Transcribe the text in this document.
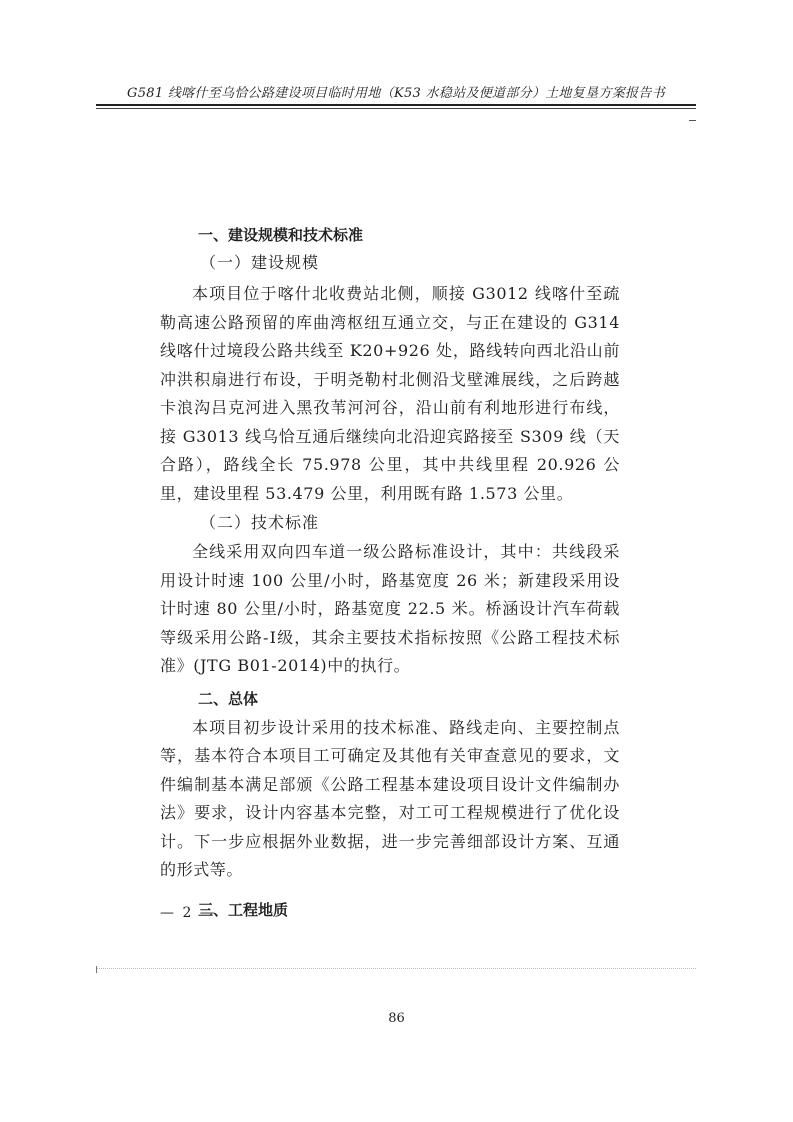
G581 线喀什至乌恰公路建设项目临时用地（K53 水稳站及便道部分）土地复垦方案报告书
一、建设规模和技术标准
（一）建设规模

本项目位于喀什北收费站北侧，顺接 G3012 线喀什至疏勒高速公路预留的库曲湾枢纽互通立交，与正在建设的 G314 线喀什过境段公路共线至 K20+926 处，路线转向西北沿山前冲洪积扇进行布设，于明尧勒村北侧沿戈壁滩展线，之后跨越卡浪沟吕克河进入黑孜苇河河谷，沿山前有利地形进行布线，接 G3013 线乌恰互通后继续向北沿迎宾路接至 S309 线（天合路），路线全长 75.978 公里，其中共线里程 20.926 公里，建设里程 53.479 公里，利用既有路 1.573 公里。

（二）技术标准

全线采用双向四车道一级公路标准设计，其中：共线段采用设计时速 100 公里/小时，路基宽度 26 米；新建段采用设计时速 80 公里/小时，路基宽度 22.5 米。桥涵设计汽车荷载等级采用公路-Ⅰ级，其余主要技术指标按照《公路工程技术标准》(JTG B01-2014)中的执行。

二、总体

本项目初步设计采用的技术标准、路线走向、主要控制点等，基本符合本项目工可确定及其他有关审查意见的要求，文件编制基本满足部颁《公路工程基本建设项目设计文件编制办法》要求，设计内容基本完整，对工可工程规模进行了优化设计。下一步应根据外业数据，进一步完善细部设计方案、互通的形式等。

三、工程地质
— 2 —
86
